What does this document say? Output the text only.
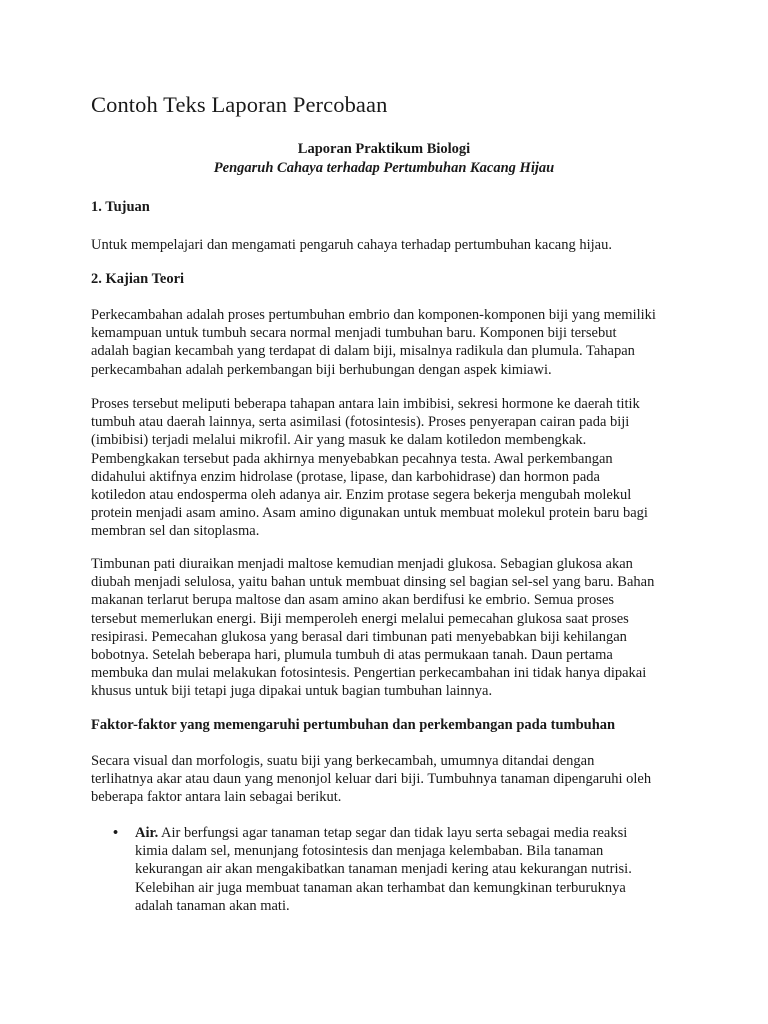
Contoh Teks Laporan Percobaan
Laporan Praktikum Biologi
Pengaruh Cahaya terhadap Pertumbuhan Kacang Hijau
1. Tujuan

Untuk mempelajari dan mengamati pengaruh cahaya terhadap pertumbuhan kacang hijau.

2. Kajian Teori

Perkecambahan adalah proses pertumbuhan embrio dan komponen-komponen biji yang memiliki
kemampuan untuk tumbuh secara normal menjadi tumbuhan baru. Komponen biji tersebut
adalah bagian kecambah yang terdapat di dalam biji, misalnya radikula dan plumula. Tahapan
perkecambahan adalah perkembangan biji berhubungan dengan aspek kimiawi.

Proses tersebut meliputi beberapa tahapan antara lain imbibisi, sekresi hormone ke daerah titik
tumbuh atau daerah lainnya, serta asimilasi (fotosintesis). Proses penyerapan cairan pada biji
(imbibisi) terjadi melalui mikrofil. Air yang masuk ke dalam kotiledon membengkak.
Pembengkakan tersebut pada akhirnya menyebabkan pecahnya testa. Awal perkembangan
didahului aktifnya enzim hidrolase (protase, lipase, dan karbohidrase) dan hormon pada
kotiledon atau endosperma oleh adanya air. Enzim protase segera bekerja mengubah molekul
protein menjadi asam amino. Asam amino digunakan untuk membuat molekul protein baru bagi
membran sel dan sitoplasma.

Timbunan pati diuraikan menjadi maltose kemudian menjadi glukosa. Sebagian glukosa akan
diubah menjadi selulosa, yaitu bahan untuk membuat dinsing sel bagian sel-sel yang baru. Bahan
makanan terlarut berupa maltose dan asam amino akan berdifusi ke embrio. Semua proses
tersebut memerlukan energi. Biji memperoleh energi melalui pemecahan glukosa saat proses
resipirasi. Pemecahan glukosa yang berasal dari timbunan pati menyebabkan biji kehilangan
bobotnya. Setelah beberapa hari, plumula tumbuh di atas permukaan tanah. Daun pertama
membuka dan mulai melakukan fotosintesis. Pengertian perkecambahan ini tidak hanya dipakai
khusus untuk biji tetapi juga dipakai untuk bagian tumbuhan lainnya.

Faktor-faktor yang memengaruhi pertumbuhan dan perkembangan pada tumbuhan

Secara visual dan morfologis, suatu biji yang berkecambah, umumnya ditandai dengan
terlihatnya akar atau daun yang menonjol keluar dari biji. Tumbuhnya tanaman dipengaruhi oleh
beberapa faktor antara lain sebagai berikut.

• Air. Air berfungsi agar tanaman tetap segar dan tidak layu serta sebagai media reaksi
kimia dalam sel, menunjang fotosintesis dan menjaga kelembaban. Bila tanaman
kekurangan air akan mengakibatkan tanaman menjadi kering atau kekurangan nutrisi.
Kelebihan air juga membuat tanaman akan terhambat dan kemungkinan terburuknya
adalah tanaman akan mati.
